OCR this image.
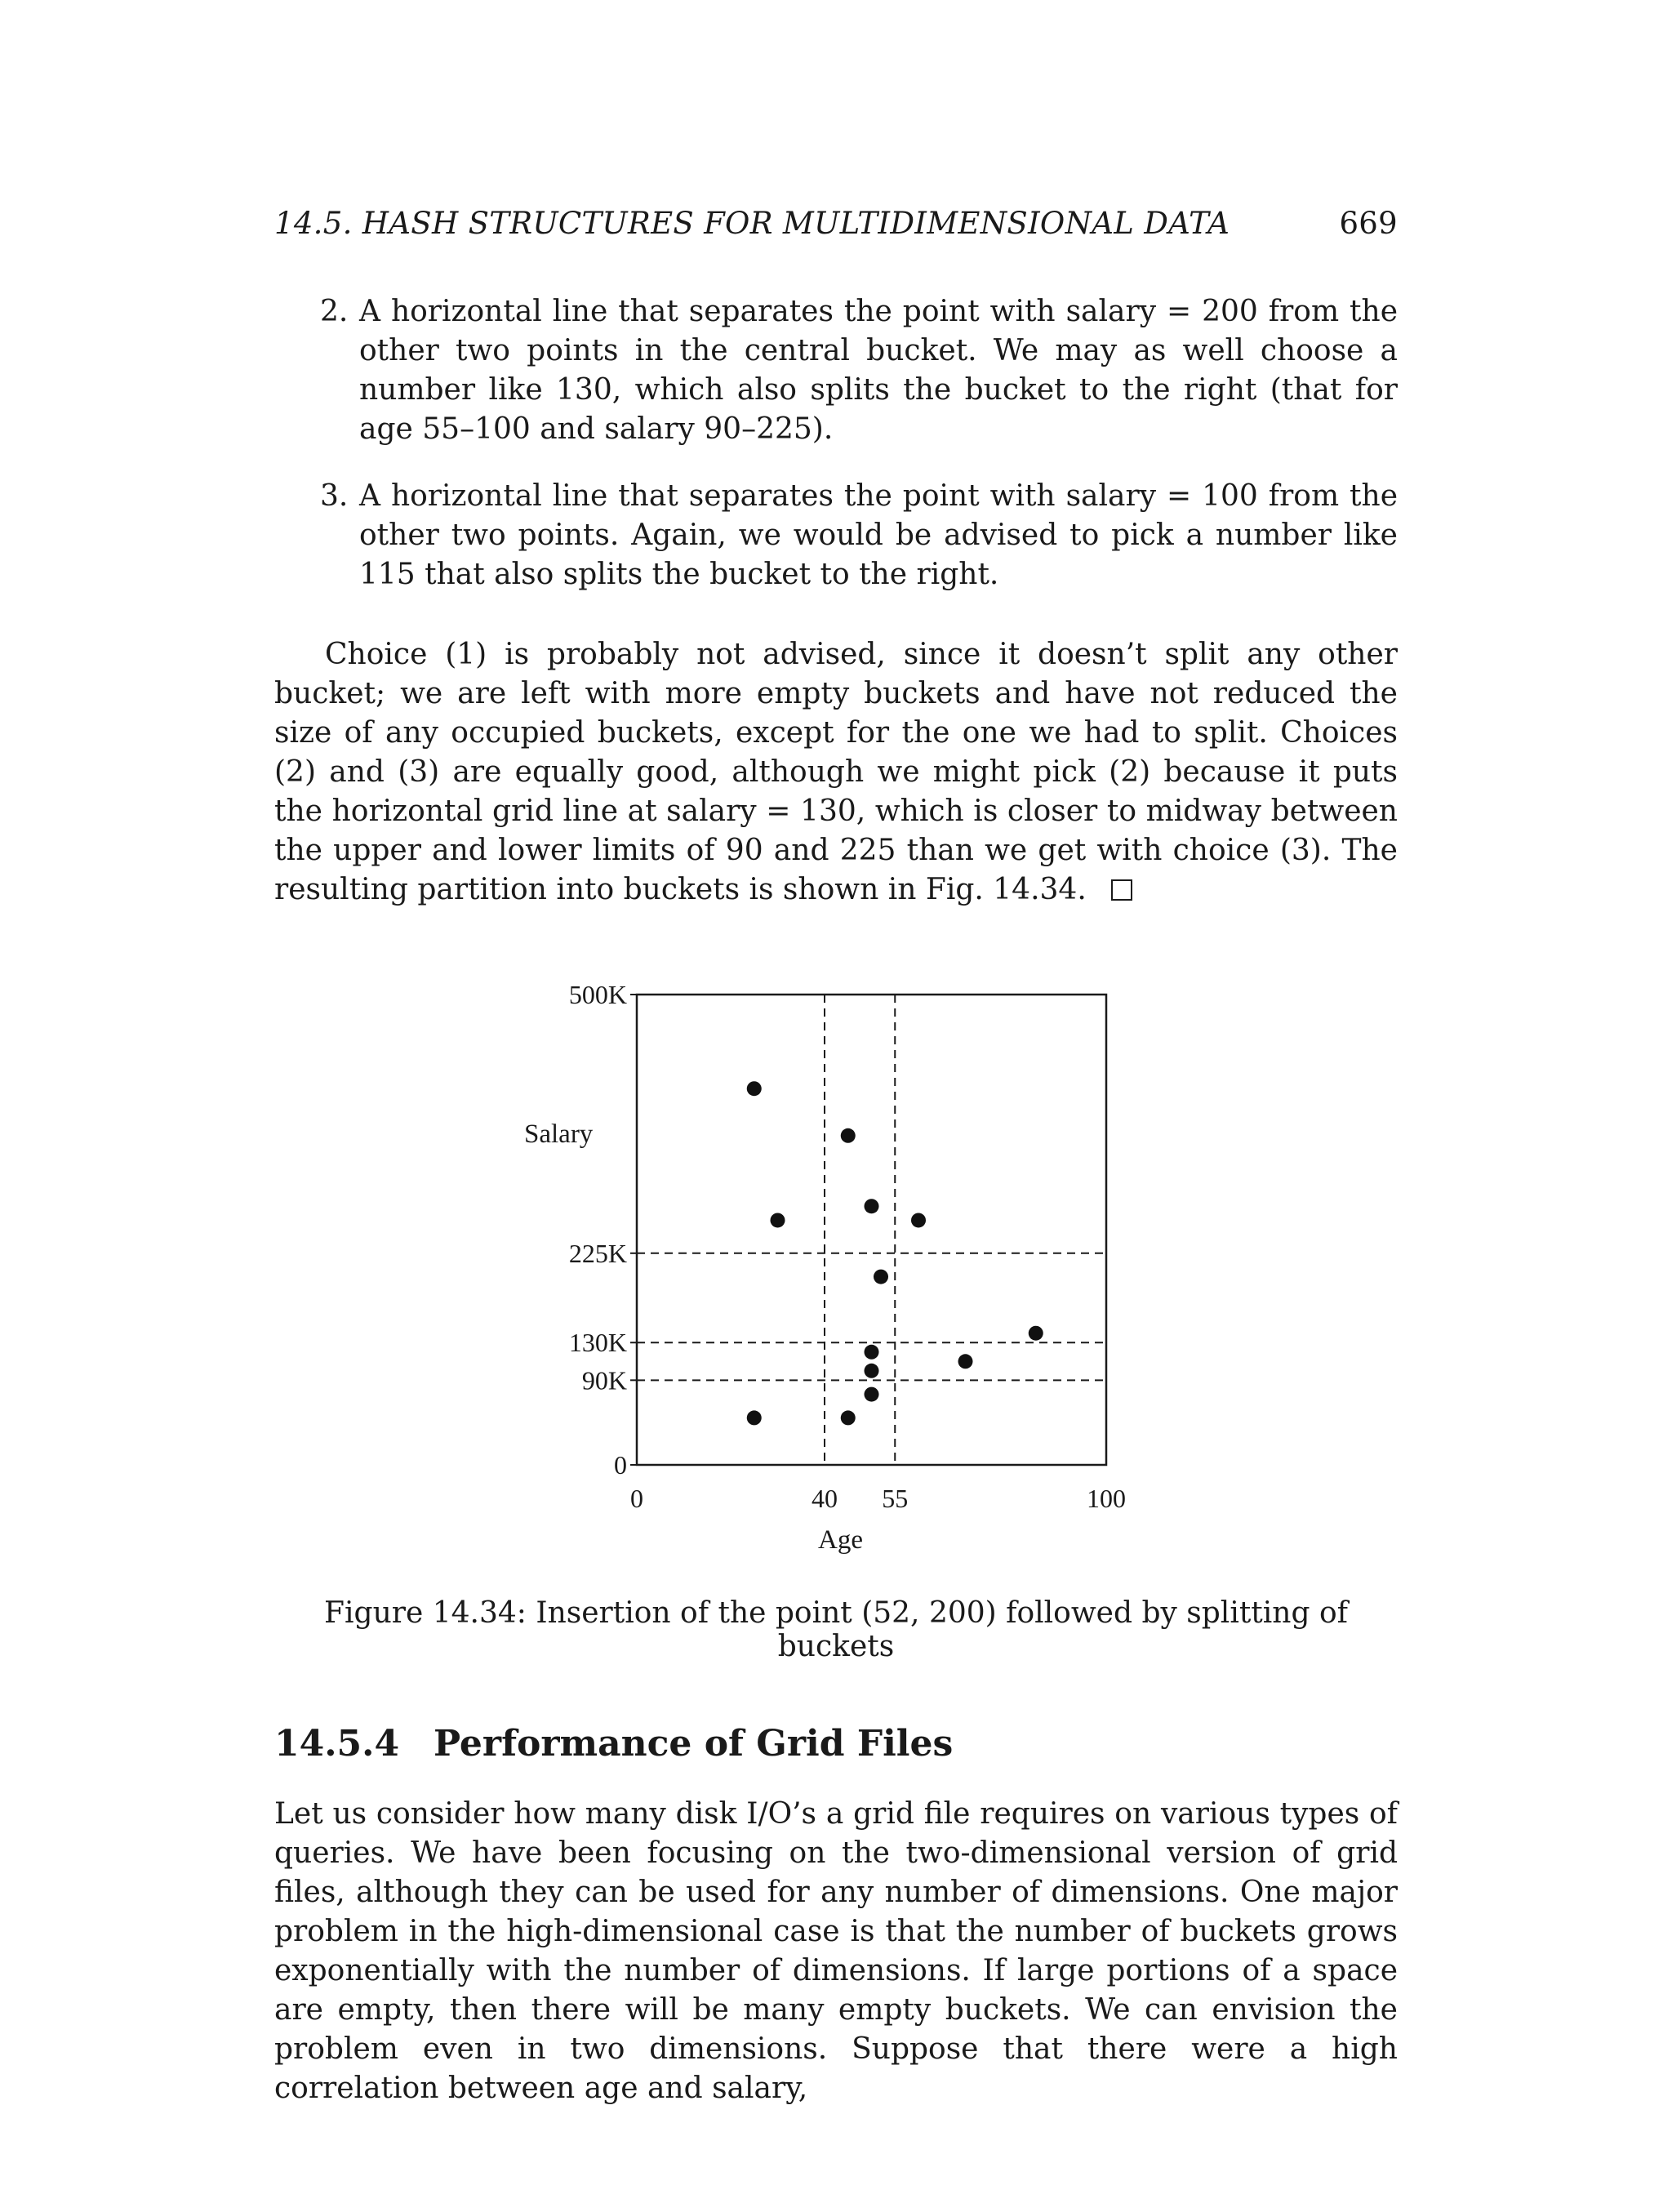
14.5. HASH STRUCTURES FOR MULTIDIMENSIONAL DATA	669
2. A horizontal line that separates the point with salary = 200 from the other two points in the central bucket. We may as well choose a number like 130, which also splits the bucket to the right (that for age 55–100 and salary 90–225).
3. A horizontal line that separates the point with salary = 100 from the other two points. Again, we would be advised to pick a number like 115 that also splits the bucket to the right.
Choice (1) is probably not advised, since it doesn’t split any other bucket; we are left with more empty buckets and have not reduced the size of any occupied buckets, except for the one we had to split. Choices (2) and (3) are equally good, although we might pick (2) because it puts the horizontal grid line at salary = 130, which is closer to midway between the upper and lower limits of 90 and 225 than we get with choice (3). The resulting partition into buckets is shown in Fig. 14.34.
0
90K
130K
225K
500K
0	40 55	100
Salary
Age
Figure 14.34: Insertion of the point (52, 200) followed by splitting of buckets
14.5.4 Performance of Grid Files
Let us consider how many disk I/O’s a grid file requires on various types of queries. We have been focusing on the two-dimensional version of grid files, although they can be used for any number of dimensions. One major problem in the high-dimensional case is that the number of buckets grows exponentially with the number of dimensions. If large portions of a space are empty, then there will be many empty buckets. We can envision the problem even in two dimensions. Suppose that there were a high correlation between age and salary,
